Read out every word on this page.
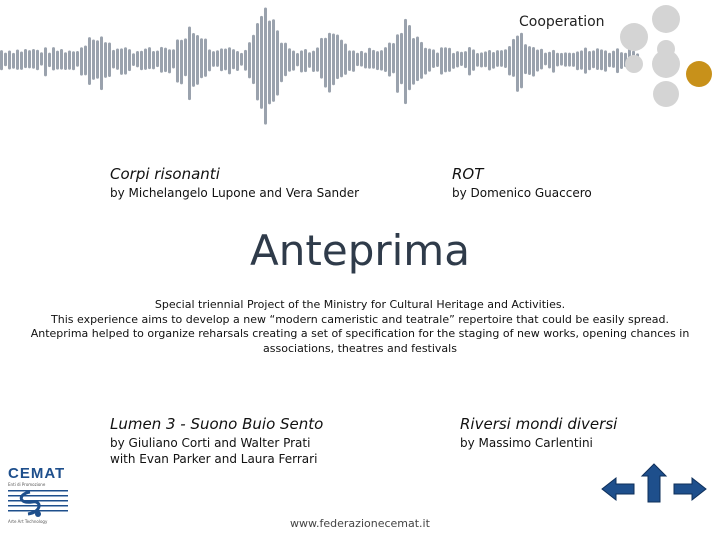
Cooperation
Corpi risonanti
by Michelangelo Lupone and Vera Sander
ROT
by Domenico Guaccero
Anteprima
Special triennial Project of the Ministry for Cultural Heritage and Activities.
This experience aims to develop a new “modern cameristic and teatrale” repertoire that could be easily spread.
Anteprima helped to organize reharsals creating a set of specification for the staging of new works, opening chances in
associations, theatres and festivals
Lumen 3 - Suono Buio Sento
by Giuliano Corti and Walter Prati
with Evan Parker and Laura Ferrari
Riversi mondi diversi
by Massimo Carlentini
CEMAT
Enti di Promozione
Arte Art Technology	www.federazionecemat.it
